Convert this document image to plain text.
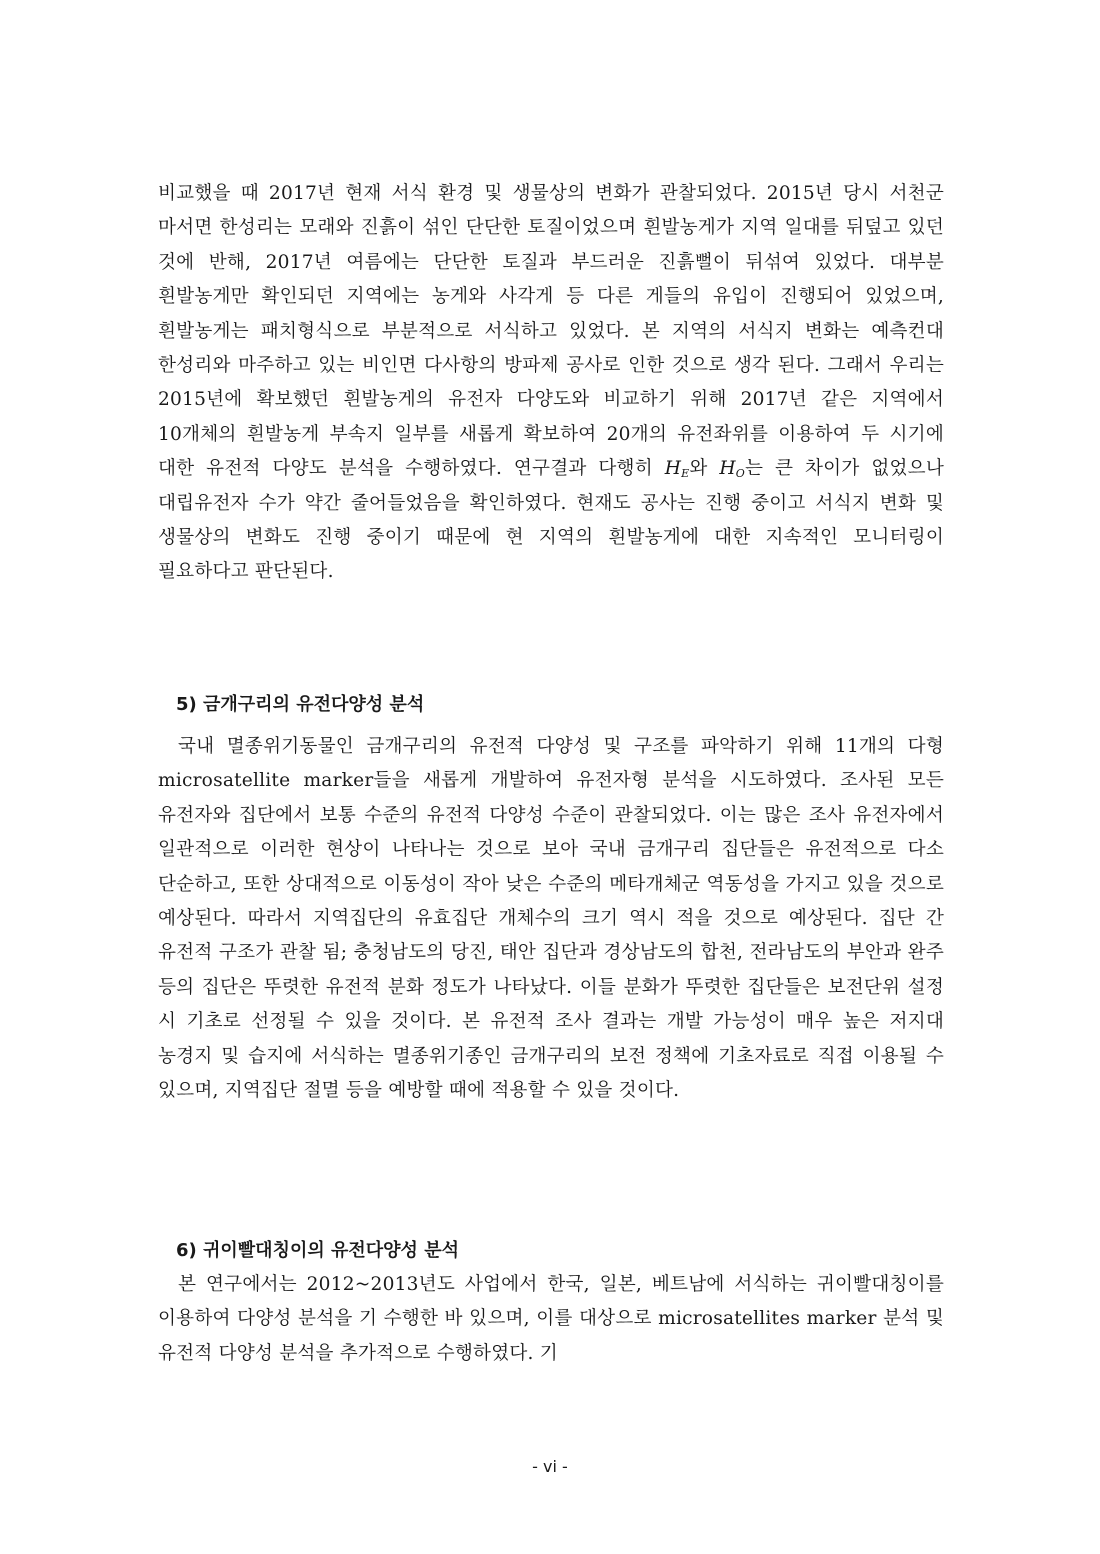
비교했을 때 2017년 현재 서식 환경 및 생물상의 변화가 관찰되었다. 2015년 당시 서천군 마서면 한성리는 모래와 진흙이 섞인 단단한 토질이었으며 흰발농게가 지역 일대를 뒤덮고 있던 것에 반해, 2017년 여름에는 단단한 토질과 부드러운 진흙뻘이 뒤섞여 있었다. 대부분 흰발농게만 확인되던 지역에는 농게와 사각게 등 다른 게들의 유입이 진행되어 있었으며, 흰발농게는 패치형식으로 부분적으로 서식하고 있었다. 본 지역의 서식지 변화는 예측컨대 한성리와 마주하고 있는 비인면 다사항의 방파제 공사로 인한 것으로 생각 된다. 그래서 우리는 2015년에 확보했던 흰발농게의 유전자 다양도와 비교하기 위해 2017년 같은 지역에서 10개체의 흰발농게 부속지 일부를 새롭게 확보하여 20개의 유전좌위를 이용하여 두 시기에 대한 유전적 다양도 분석을 수행하였다. 연구결과 다행히 $H_E$와 $H_O$는 큰 차이가 없었으나 대립유전자 수가 약간 줄어들었음을 확인하였다. 현재도 공사는 진행 중이고 서식지 변화 및 생물상의 변화도 진행 중이기 때문에 현 지역의 흰발농게에 대한 지속적인 모니터링이 필요하다고 판단된다.

5) 금개구리의 유전다양성 분석

국내 멸종위기동물인 금개구리의 유전적 다양성 및 구조를 파악하기 위해 11개의 다형 microsatellite marker들을 새롭게 개발하여 유전자형 분석을 시도하였다. 조사된 모든 유전자와 집단에서 보통 수준의 유전적 다양성 수준이 관찰되었다. 이는 많은 조사 유전자에서 일관적으로 이러한 현상이 나타나는 것으로 보아 국내 금개구리 집단들은 유전적으로 다소 단순하고, 또한 상대적으로 이동성이 작아 낮은 수준의 메타개체군 역동성을 가지고 있을 것으로 예상된다. 따라서 지역집단의 유효집단 개체수의 크기 역시 적을 것으로 예상된다. 집단 간 유전적 구조가 관찰 됨; 충청남도의 당진, 태안 집단과 경상남도의 합천, 전라남도의 부안과 완주 등의 집단은 뚜렷한 유전적 분화 정도가 나타났다. 이들 분화가 뚜렷한 집단들은 보전단위 설정 시 기초로 선정될 수 있을 것이다. 본 유전적 조사 결과는 개발 가능성이 매우 높은 저지대 농경지 및 습지에 서식하는 멸종위기종인 금개구리의 보전 정책에 기초자료로 직접 이용될 수 있으며, 지역집단 절멸 등을 예방할 때에 적용할 수 있을 것이다.

6) 귀이빨대칭이의 유전다양성 분석

본 연구에서는 2012~2013년도 사업에서 한국, 일본, 베트남에 서식하는 귀이빨대칭이를 이용하여 다양성 분석을 기 수행한 바 있으며, 이를 대상으로 microsatellites marker 분석 및 유전적 다양성 분석을 추가적으로 수행하였다. 기

- vi -
